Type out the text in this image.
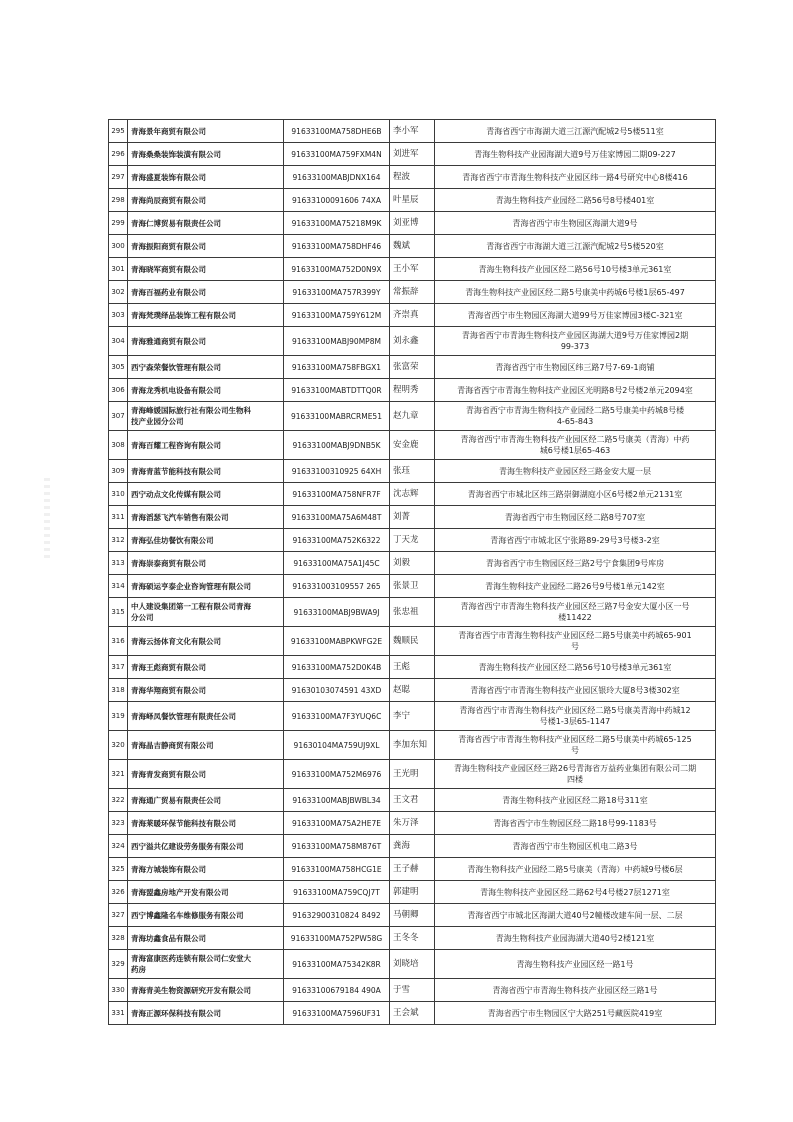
295	青海景年商贸有限公司	91633100MA758DHE6B	李小军	青海省西宁市海湖大道三江源汽配城2号5楼511室
296	青海桑桑装饰装潢有限公司	91633100MA759FXM4N	刘进军	青海生物科技产业园海湖大道9号万佳家博园二期09-227
297	青海盛夏装饰有限公司	91633100MABJDNX164	程波	青海省西宁市青海生物科技产业园区纬一路4号研究中心8楼416
298	青海尚辰商贸有限公司	91633100091606 74XA	叶星辰	青海生物科技产业园经二路56号8号楼401室
299	青海仁博贸易有限责任公司	91633100MA75218M9K	刘亚博	青海省西宁市生物园区海湖大道9号
300	青海振阳商贸有限公司	91633100MA758DHF46	魏斌	青海省西宁市海湖大道三江源汽配城2号5楼520室
301	青海晓军商贸有限公司	91633100MA752D0N9X	王小军	青海生物科技产业园区经二路56号10号楼3单元361室
302	青海百福药业有限公司	91633100MA757R399Y	常振辞	青海生物科技产业园区经二路5号康美中药城6号楼1层65-497
303	青海梵璞绎品装饰工程有限公司	91633100MA759Y612M	齐崇真	青海省西宁市生物园区海湖大道99号万佳家博园3楼C-321室
304	青海雅通商贸有限公司	91633100MABJ90MP8M	刘永鑫	青海省西宁市青海生物科技产业园区海湖大道9号万佳家博园2期
99-373

305	西宁森荣餐饮管理有限公司	91633100MA758FBGX1	张富荣	青海省西宁市生物园区纬三路7号7-69-1商铺
306	青海龙秀机电设备有限公司	91633100MABTDTTQ0R	程明秀	青海省西宁市青海生物科技产业园区光明路8号2号楼2单元2094室
307	青海峰媛国际旅行社有限公司生物科
技产业园分公司	91633100MABRCRME51	赵九章	青海省西宁市青海生物科技产业园经二路5号康美中药城8号楼
4-65-843

308	青海百耀工程咨询有限公司	91633100MABJ9DNB5K	安金鹿	青海省西宁市青海生物科技产业园区经二路5号康美（青海）中药
城6号楼1层65-463

309	青海青蓝节能科技有限公司	91633100310925 64XH	张珏	青海生物科技产业园区经三路金安大厦一层
310	西宁动点文化传媒有限公司	91633100MA758NFR7F	沈志辉	青海省西宁市城北区纬三路崇御湖庭小区6号楼2单元2131室
311	青海滔瑟飞汽车销售有限公司	91633100MA75A6M48T	刘菁	青海省西宁市生物园区经二路8号707室
312	青海弘佳坊餐饮有限公司	91633100MA752K6322	丁天龙	青海省西宁市城北区宁张路89-29号3号楼3-2室
313	青海崇泰商贸有限公司	91633100MA75A1J45C	刘毅	青海省西宁市生物园区经三路2号宁食集团9号库房
314	青海硕运亨泰企业咨询管理有限公司	916331003109557 265	张景卫	青海生物科技产业园经二路26号9号楼1单元142室
315	中人建设集团第一工程有限公司青海
分公司	91633100MABJ9BWA9J	张忠祖	青海省西宁市青海生物科技产业园区经三路7号金安大厦小区一号
楼11422

316	青海云扬体育文化有限公司	91633100MABPKWFG2E	魏顺民	青海省西宁市青海生物科技产业园区经二路5号康美中药城65-901
号

317	青海王彪商贸有限公司	91633100MA752D0K4B	王彪	青海生物科技产业园区经二路56号10号楼3单元361室
318	青海华翔商贸有限公司	91630103074591 43XD	赵聪	青海省西宁市青海生物科技产业园区银玲大厦8号3楼302室
319	青海峄凤餐饮管理有限责任公司	91633100MA7F3YUQ6C	李宁	青海省西宁市青海生物科技产业园区经二路5号康美青海中药城12
号楼1-3层65-1147

320	青海晶吉静商贸有限公司	91630104MA759UJ9XL	李加东知	青海省西宁市青海生物科技产业园区经二路5号康美中药城65-125
号

321	青海青发商贸有限公司	91633100MA752M6976	王光明	青海生物科技产业园区经三路26号青海省万益药业集团有限公司二期
四楼

322	青海通广贸易有限责任公司	91633100MABJBWBL34	王文君	青海生物科技产业园区经二路18号311室
323	青海莱暖环保节能科技有限公司	91633100MA75A2HE7E	朱万泽	青海省西宁市生物园区经二路18号99-1183号
324	西宁溢共亿建设劳务服务有限公司	91633100MA758M876T	龚海	青海省西宁市生物园区机电二路3号
325	青海方城装饰有限公司	91633100MA758HCG1E	王子赫	青海生物科技产业园经二路5号康美（青海）中药城9号楼6层
326	青海盟鑫房地产开发有限公司	91633100MA759CQJ7T	郭建明	青海生物科技产业园区经二路62号4号楼27层1271室
327	西宁博鑫隆名车维修服务有限公司	91632900310824 8492	马朝卿	青海省西宁市城北区海湖大道40号2幢楼改建车间一层、二层
328	青海坊鑫食品有限公司	91633100MA752PW58G	王冬冬	青海生物科技产业园海湖大道40号2楼121室
329	青海富康医药连锁有限公司仁安堂大
药房	91633100MA75342K8R	刘晓培	青海生物科技产业园区经一路1号
330	青海青美生物资源研究开发有限公司	91633100679184 490A	于雪	青海省西宁市青海生物科技产业园区经三路1号
331	青海正源环保科技有限公司	91633100MA7596UF31	王会斌	青海省西宁市生物园区宁大路251号藏医院419室
